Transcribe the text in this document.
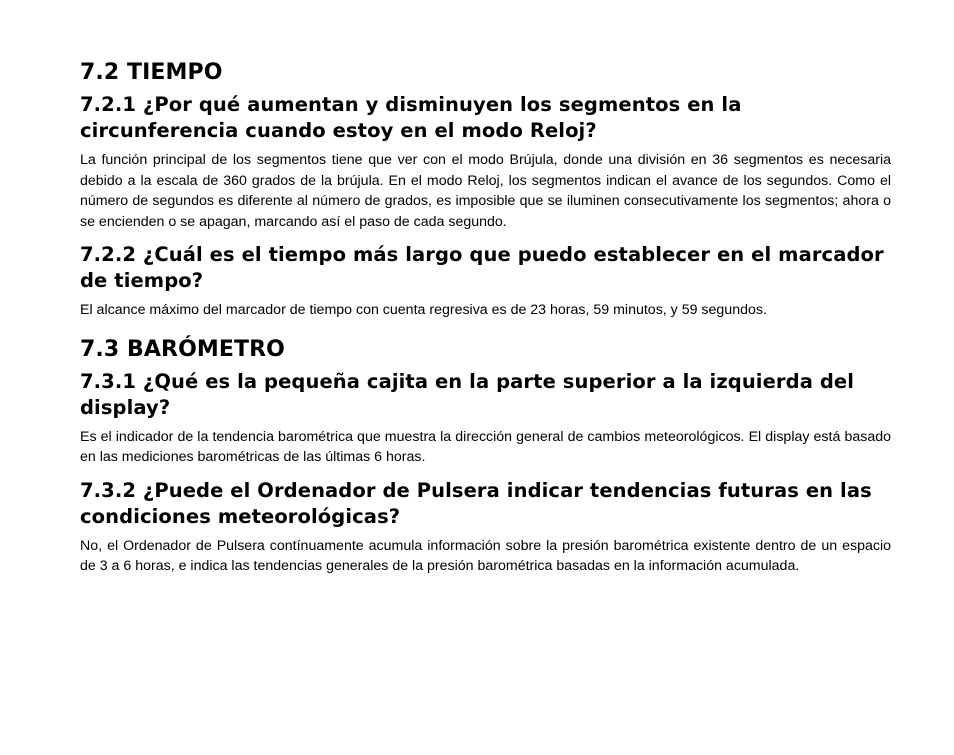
7.2 TIEMPO
7.2.1 ¿Por qué aumentan y disminuyen los segmentos en la circunferencia cuando estoy en el modo Reloj?

La función principal de los segmentos tiene que ver con el modo Brújula, donde una división en 36 segmentos es necesaria debido a la escala de 360 grados de la brújula. En el modo Reloj, los segmentos indican el avance de los segundos. Como el número de segundos es diferente al número de grados, es imposible que se iluminen consecutivamente los segmentos; ahora o se encienden o se apagan, marcando así el paso de cada segundo.

7.2.2 ¿Cuál es el tiempo más largo que puedo establecer en el marcador de tiempo?

El alcance máximo del marcador de tiempo con cuenta regresiva es de 23 horas, 59 minutos, y 59 segundos.

7.3 BARÓMETRO
7.3.1 ¿Qué es la pequeña cajita en la parte superior a la izquierda del display?

Es el indicador de la tendencia barométrica que muestra la dirección general de cambios meteorológicos. El display está basado en las mediciones barométricas de las últimas 6 horas.

7.3.2 ¿Puede el Ordenador de Pulsera indicar tendencias futuras en las condiciones meteorológicas?

No, el Ordenador de Pulsera contínuamente acumula información sobre la presión barométrica existente dentro de un espacio de 3 a 6 horas, e indica las tendencias generales de la presión barométrica basadas en la información acumulada.
